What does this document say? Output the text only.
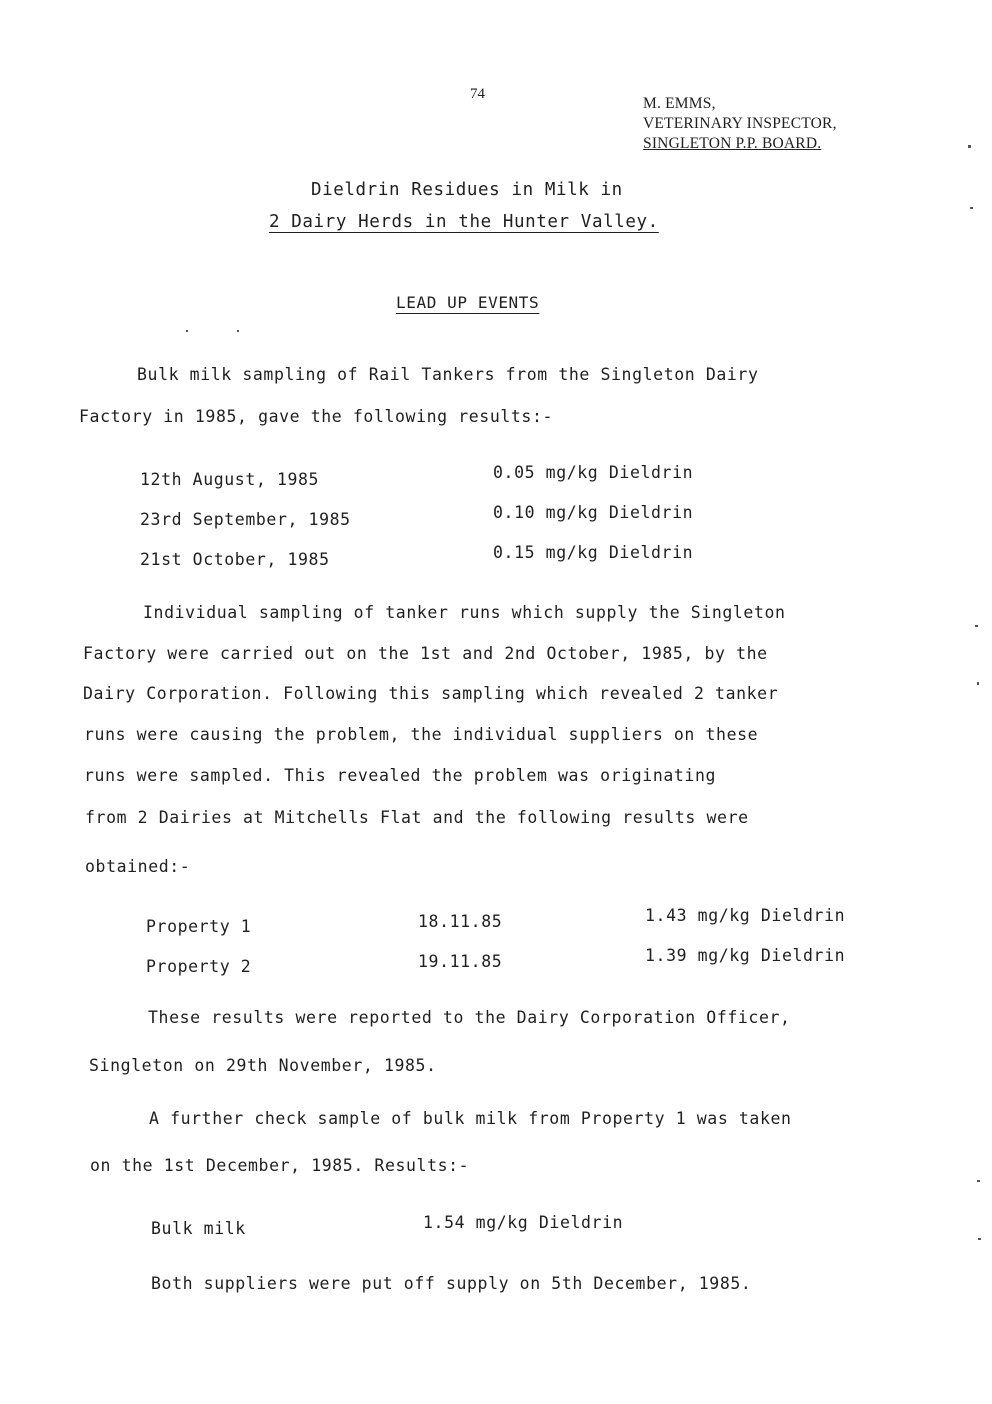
74
M. EMMS,
VETERINARY INSPECTOR,
SINGLETON P.P. BOARD.
Dieldrin Residues in Milk in
2 Dairy Herds in the Hunter Valley.
LEAD UP EVENTS
Bulk milk sampling of Rail Tankers from the Singleton Dairy
Factory in 1985, gave the following results:-
12th August, 1985	0.05 mg/kg Dieldrin
23rd September, 1985	0.10 mg/kg Dieldrin
21st October, 1985	0.15 mg/kg Dieldrin
Individual sampling of tanker runs which supply the Singleton
Factory were carried out on the 1st and 2nd October, 1985, by the
Dairy Corporation. Following this sampling which revealed 2 tanker
runs were causing the problem, the individual suppliers on these
runs were sampled. This revealed the problem was originating
from 2 Dairies at Mitchells Flat and the following results were
obtained:-
Property 1	18.11.85	1.43 mg/kg Dieldrin
Property 2	19.11.85	1.39 mg/kg Dieldrin
These results were reported to the Dairy Corporation Officer,
Singleton on 29th November, 1985.
A further check sample of bulk milk from Property 1 was taken
on the 1st December, 1985. Results:-
Bulk milk	1.54 mg/kg Dieldrin
Both suppliers were put off supply on 5th December, 1985.
